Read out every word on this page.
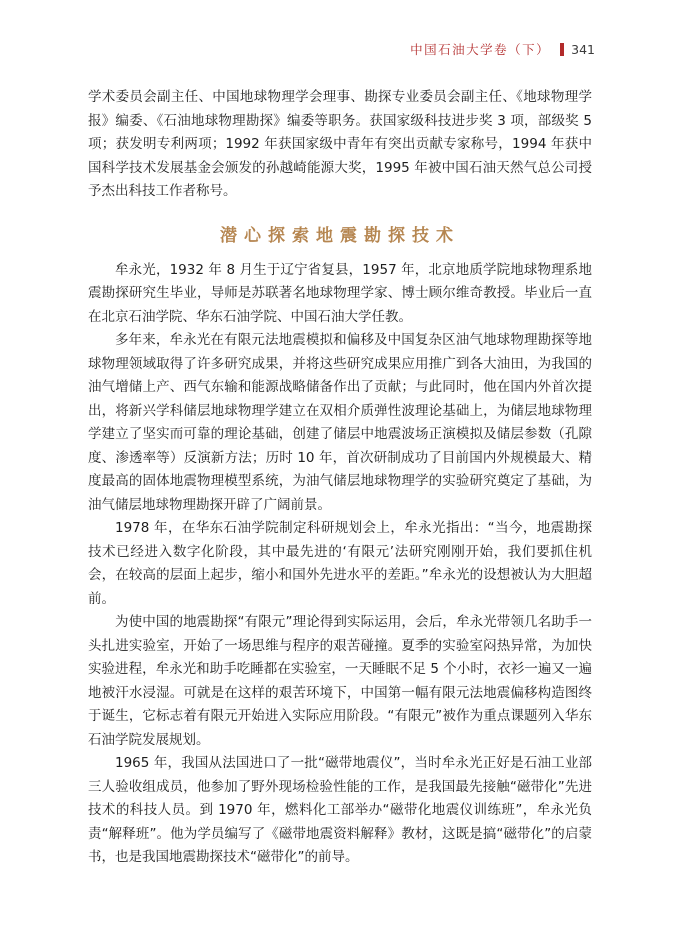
中国石油大学卷（下） 341

学术委员会副主任、中国地球物理学会理事、勘探专业委员会副主任、《地球物理学报》编委、《石油地球物理勘探》编委等职务。获国家级科技进步奖 3 项，部级奖 5 项；获发明专利两项；1992 年获国家级中青年有突出贡献专家称号，1994 年获中国科学技术发展基金会颁发的孙越崎能源大奖，1995 年被中国石油天然气总公司授予杰出科技工作者称号。

潜心探索地震勘探技术

牟永光，1932 年 8 月生于辽宁省复县，1957 年，北京地质学院地球物理系地震勘探研究生毕业，导师是苏联著名地球物理学家、博士顾尔维奇教授。毕业后一直在北京石油学院、华东石油学院、中国石油大学任教。

多年来，牟永光在有限元法地震模拟和偏移及中国复杂区油气地球物理勘探等地球物理领域取得了许多研究成果，并将这些研究成果应用推广到各大油田，为我国的油气增储上产、西气东输和能源战略储备作出了贡献；与此同时，他在国内外首次提出，将新兴学科储层地球物理学建立在双相介质弹性波理论基础上，为储层地球物理学建立了坚实而可靠的理论基础，创建了储层中地震波场正演模拟及储层参数（孔隙度、渗透率等）反演新方法；历时 10 年，首次研制成功了目前国内外规模最大、精度最高的固体地震物理模型系统，为油气储层地球物理学的实验研究奠定了基础，为油气储层地球物理勘探开辟了广阔前景。

1978 年，在华东石油学院制定科研规划会上，牟永光指出：“当今，地震勘探技术已经进入数字化阶段，其中最先进的‘有限元’法研究刚刚开始，我们要抓住机会，在较高的层面上起步，缩小和国外先进水平的差距。”牟永光的设想被认为大胆超前。

为使中国的地震勘探“有限元”理论得到实际运用，会后，牟永光带领几名助手一头扎进实验室，开始了一场思维与程序的艰苦碰撞。夏季的实验室闷热异常，为加快实验进程，牟永光和助手吃睡都在实验室，一天睡眠不足 5 个小时，衣衫一遍又一遍地被汗水浸湿。可就是在这样的艰苦环境下，中国第一幅有限元法地震偏移构造图终于诞生，它标志着有限元开始进入实际应用阶段。“有限元”被作为重点课题列入华东石油学院发展规划。

1965 年，我国从法国进口了一批“磁带地震仪”，当时牟永光正好是石油工业部三人验收组成员，他参加了野外现场检验性能的工作，是我国最先接触“磁带化”先进技术的科技人员。到 1970 年，燃料化工部举办“磁带化地震仪训练班”，牟永光负责“解释班”。他为学员编写了《磁带地震资料解释》教材，这既是搞“磁带化”的启蒙书，也是我国地震勘探技术“磁带化”的前导。
